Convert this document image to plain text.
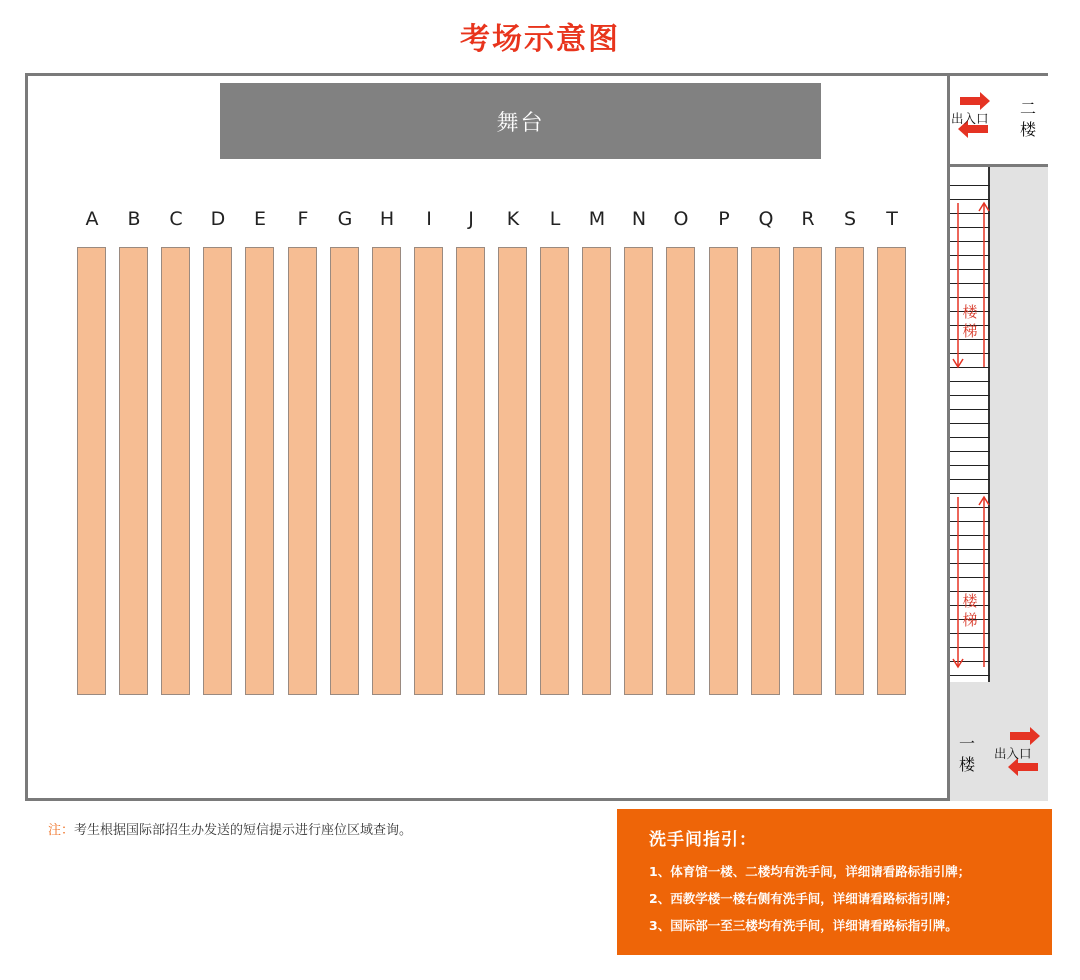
考场示意图
舞台
A	B	C	D	E	F	G	H	I	J	K	L	M	N	O	P	Q	R	S	T
楼梯
楼梯
出入口
二楼
出入口
一楼
注：考生根据国际部招生办发送的短信提示进行座位区域查询。	洗手间指引：
1、体育馆一楼、二楼均有洗手间，详细请看路标指引牌；
2、西教学楼一楼右侧有洗手间，详细请看路标指引牌；
3、国际部一至三楼均有洗手间，详细请看路标指引牌。
